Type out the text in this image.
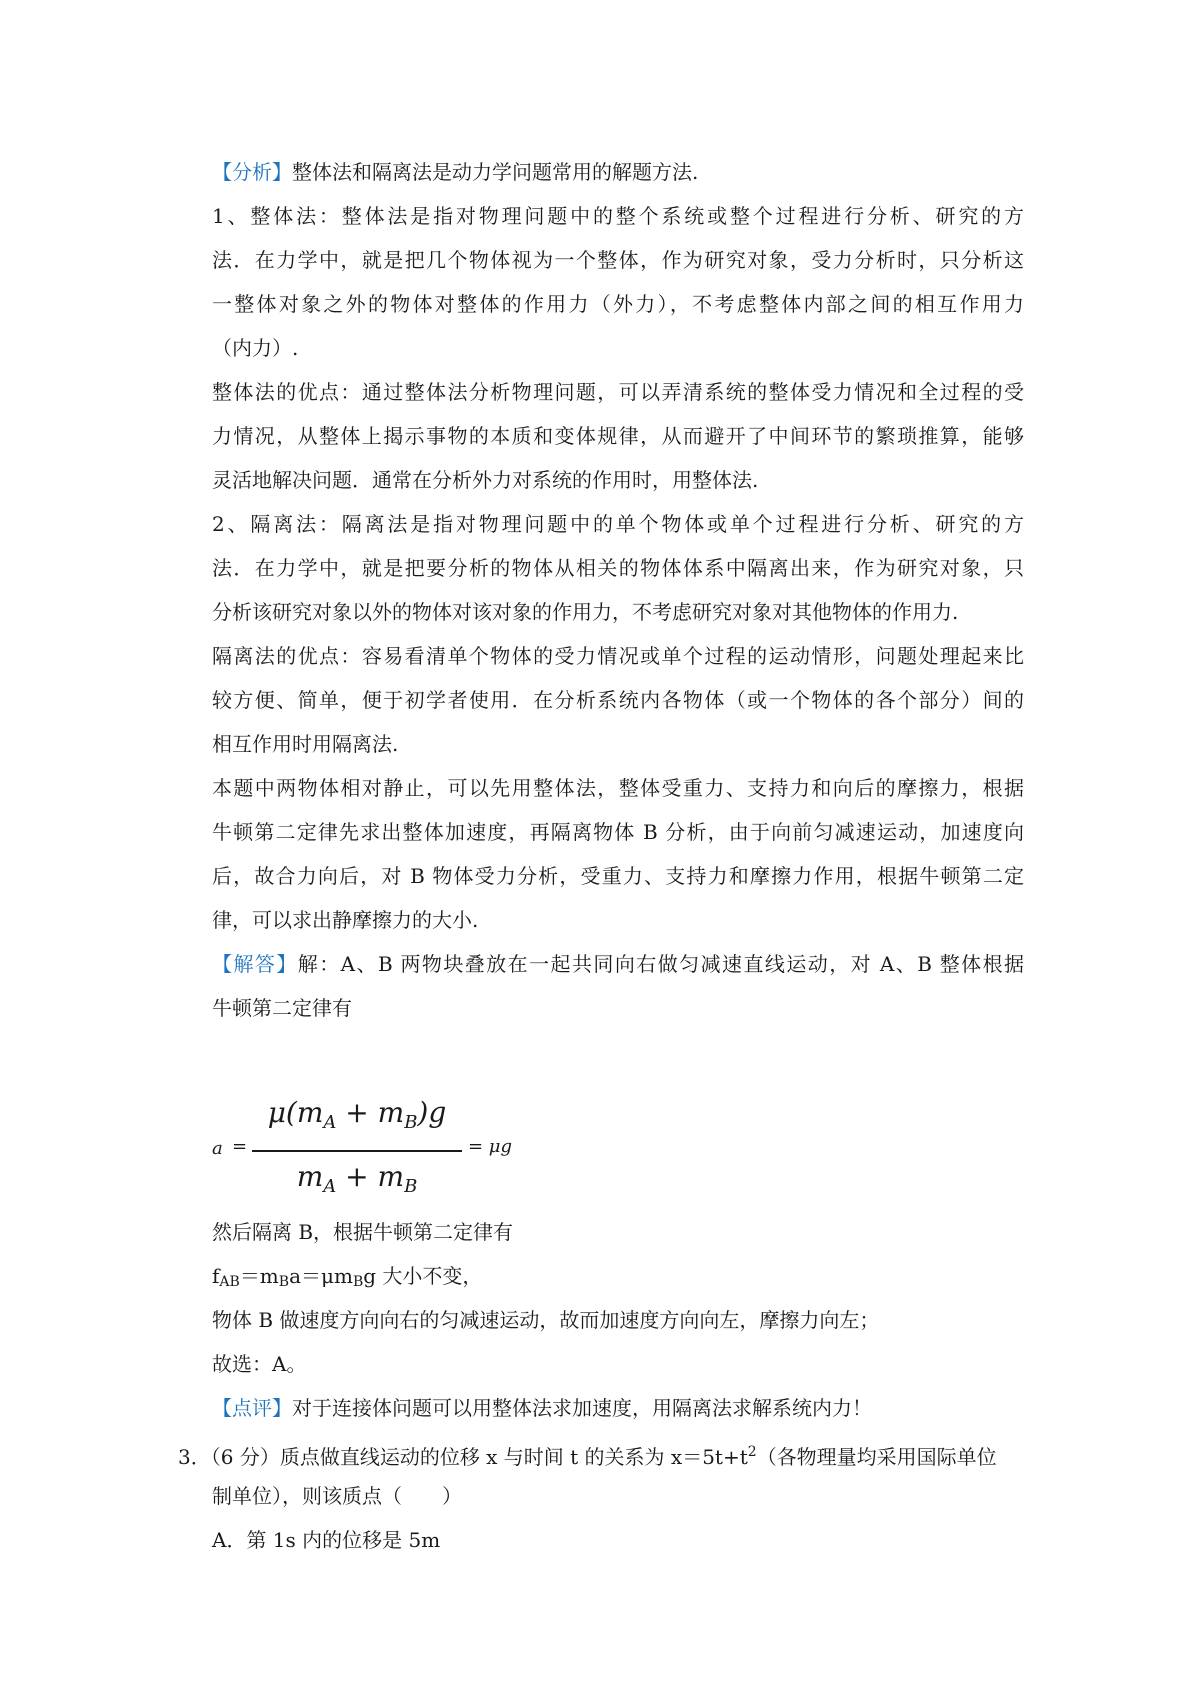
【分析】整体法和隔离法是动力学问题常用的解题方法.
1、整体法：整体法是指对物理问题中的整个系统或整个过程进行分析、研究的方
法．在力学中，就是把几个物体视为一个整体，作为研究对象，受力分析时，只分析这
一整体对象之外的物体对整体的作用力（外力），不考虑整体内部之间的相互作用力
（内力）.
整体法的优点：通过整体法分析物理问题，可以弄清系统的整体受力情况和全过程的受
力情况，从整体上揭示事物的本质和变体规律，从而避开了中间环节的繁琐推算，能够
灵活地解决问题．通常在分析外力对系统的作用时，用整体法.
2、隔离法：隔离法是指对物理问题中的单个物体或单个过程进行分析、研究的方
法．在力学中，就是把要分析的物体从相关的物体体系中隔离出来，作为研究对象，只
分析该研究对象以外的物体对该对象的作用力，不考虑研究对象对其他物体的作用力.
隔离法的优点：容易看清单个物体的受力情况或单个过程的运动情形，问题处理起来比
较方便、简单，便于初学者使用．在分析系统内各物体（或一个物体的各个部分）间的
相互作用时用隔离法.
本题中两物体相对静止，可以先用整体法，整体受重力、支持力和向后的摩擦力，根据
牛顿第二定律先求出整体加速度，再隔离物体 B 分析，由于向前匀减速运动，加速度向
后，故合力向后，对 B 物体受力分析，受重力、支持力和摩擦力作用，根据牛顿第二定
律，可以求出静摩擦力的大小.
【解答】解：A、B 两物块叠放在一起共同向右做匀减速直线运动，对 A、B 整体根据
牛顿第二定律有
a =
$\mu(m_A + m_B)g$
$m_A + m_B$
= μg
然后隔离 B，根据牛顿第二定律有
$f_{AB}=m_Ba=\mu m_Bg$ 大小不变，
物体 B 做速度方向向右的匀减速运动，故而加速度方向向左，摩擦力向左；
故选：A。
【点评】对于连接体问题可以用整体法求加速度，用隔离法求解系统内力！
3．（6 分）质点做直线运动的位移 x 与时间 t 的关系为 $x=5t+t^2$（各物理量均采用国际单位
制单位），则该质点（　　）
A．第 1s 内的位移是 5m
